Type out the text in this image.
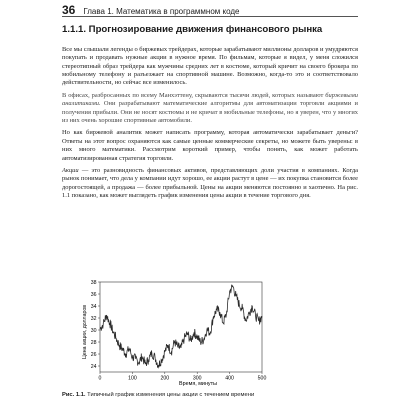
36 Глава 1. Математика в программном коде
1.1.1. Прогнозирование движения финансового рынка

Все мы слышали легенды о биржевых трейдерах, которые зарабатывают миллионы долларов и умудряются покупать и продавать нужные акции в нужное время. По фильмам, которые я видел, у меня сложился стереотипный образ трейдера как мужчины средних лет в костюме, который кричит на своего брокера по мобильному телефону и разъезжает на спортивной машине. Возможно, когда-то это и соответствовало действительности, но сейчас все изменилось.

В офисах, разбросанных по всему Манхэттену, скрываются тысячи людей, которых называют биржевыми аналитиками. Они разрабатывают математические алгоритмы для автоматизации торговли акциями и получения прибыли. Они не носят костюмы и не кричат в мобильные телефоны, но я уверен, что у многих из них очень хорошие спортивные автомобили.

Но как биржевой аналитик может написать программу, которая автоматически зарабатывает деньги? Ответы на этот вопрос охраняются как самые ценные коммерческие секреты, но можете быть уверены: в них много математики. Рассмотрим короткий пример, чтобы понять, как может работать автоматизированная стратегия торговли.

Акции — это разновидность финансовых активов, представляющих доли участия в компаниях. Когда рынок понимает, что дела у компании идут хорошо, ее акции растут в цене — их покупка становится более дорогостоящей, а продажа — более прибыльной. Цены на акции меняются постоянно и хаотично. На рис. 1.1 показано, как может выглядеть график изменения цены акции в течение торгового дня.

0	100	200	300	400	500
24
26
28
30
32
34
36
38
Цена акции, долларов
Время, минуты
Рис. 1.1. Типичный график изменения цены акции с течением времени
